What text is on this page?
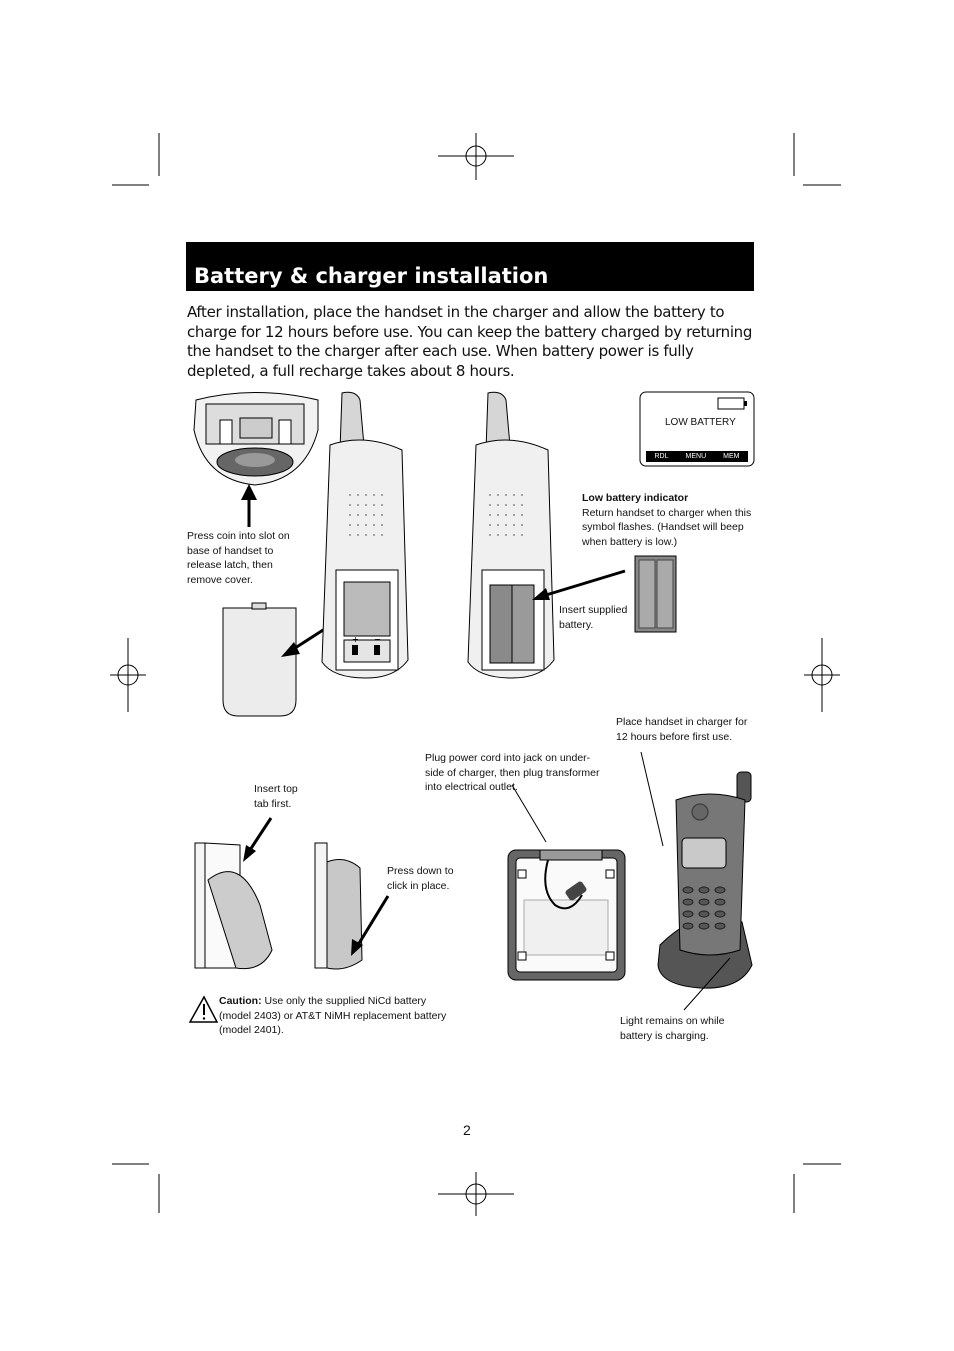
+ −
Battery & charger installation
After installation, place the handset in the charger and allow the battery to charge for 12 hours before use. You can keep the battery charged by returning the handset to the charger after each use. When battery power is fully depleted, a full recharge takes about 8 hours.
LOW BATTERY
RDL MENU MEM
Press coin into slot on base of handset to release latch, then remove cover.
Low battery indicator
Return handset to charger when this symbol flashes. (Handset will beep when battery is low.)
Insert supplied battery.
Place handset in charger for 12 hours before first use.
Plug power cord into jack on under-side of charger, then plug transformer into electrical outlet.
Insert top tab first.
Press down to click in place.
Caution: Use only the supplied NiCd battery (model 2403) or AT&T NiMH replacement battery (model 2401).
Light remains on while battery is charging.
2
